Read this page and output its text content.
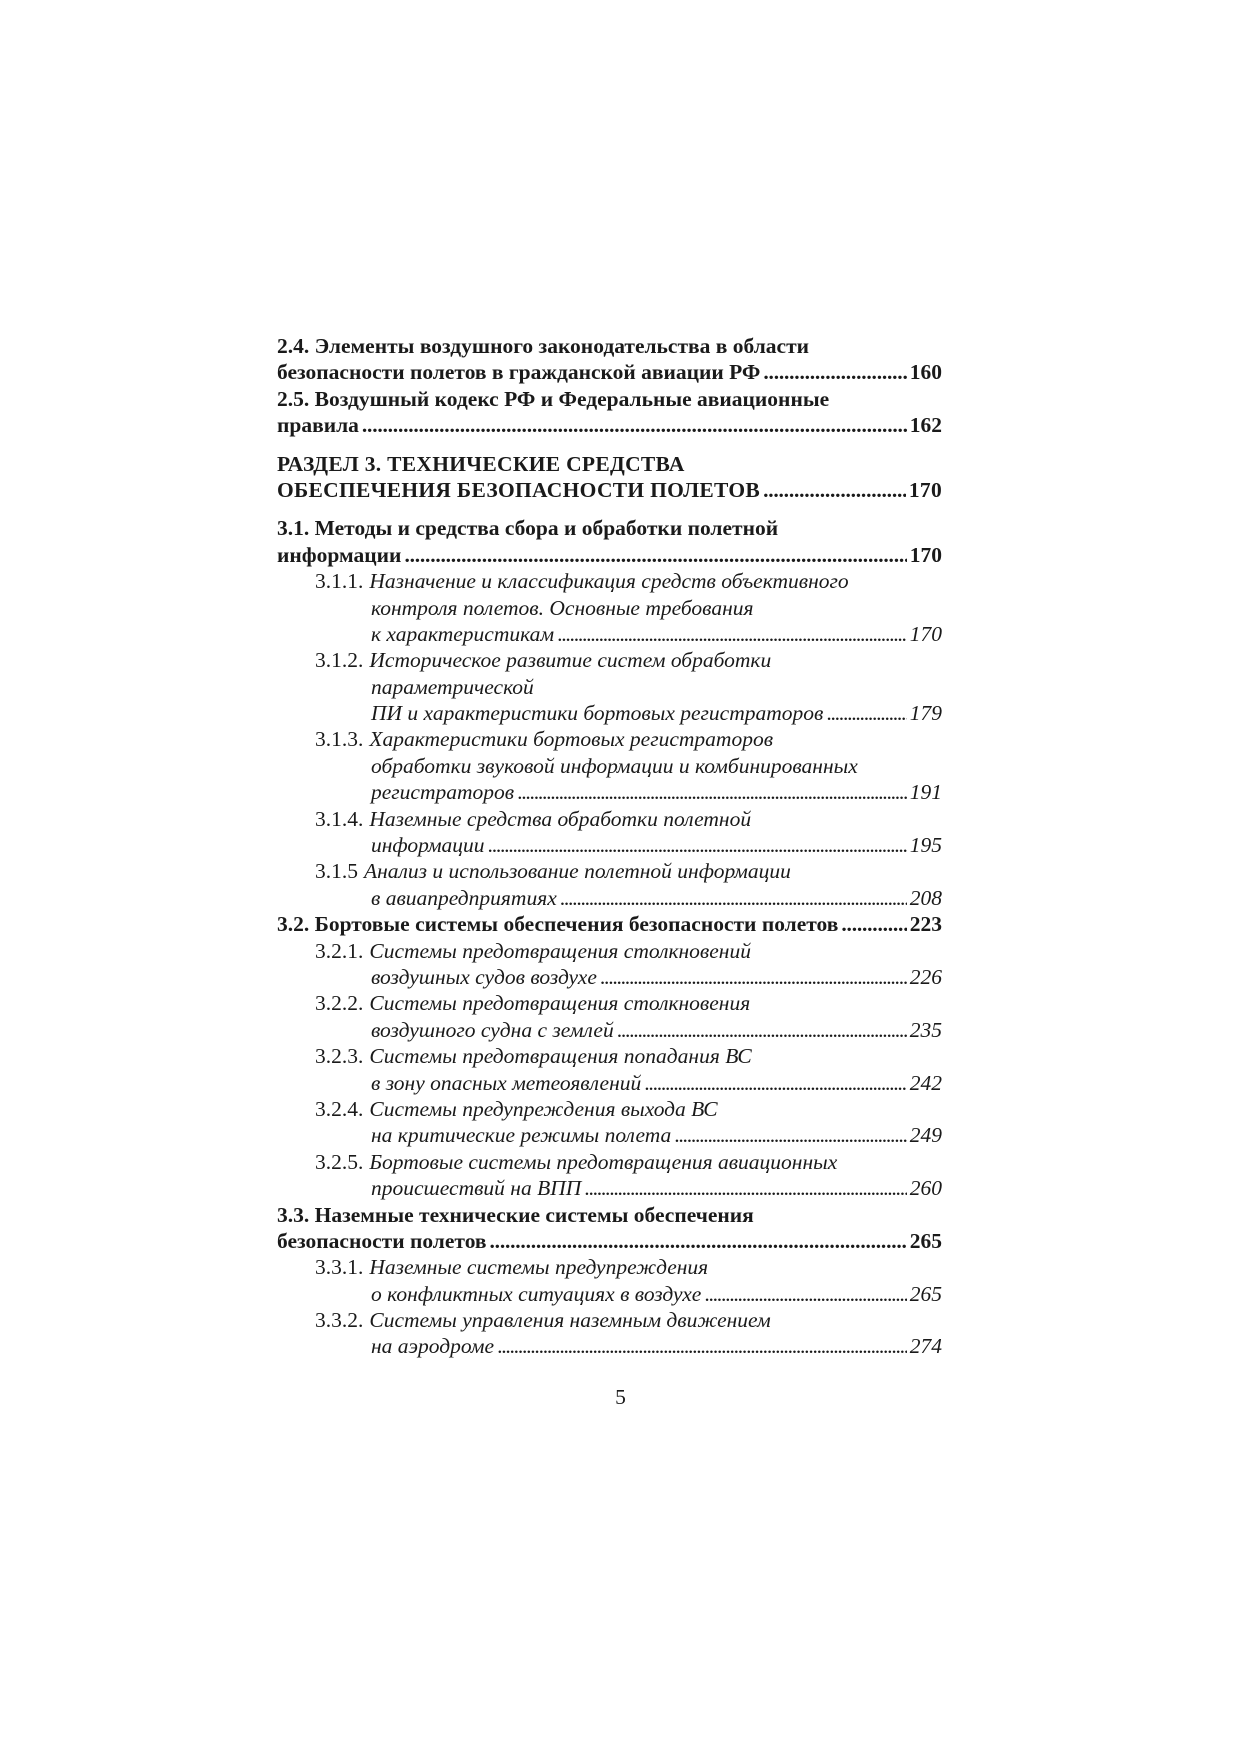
2.4. Элементы воздушного законодательства в области
безопасности полетов в гражданской авиации РФ . . .	160
2.5. Воздушный кодекс РФ и Федеральные авиационные
правила . . .	162
РАЗДЕЛ 3. ТЕХНИЧЕСКИЕ СРЕДСТВА
ОБЕСПЕЧЕНИЯ БЕЗОПАСНОСТИ ПОЛЕТОВ . . .	170
3.1. Методы и средства сбора и обработки полетной
информации . . .	170
3.1.1. Назначение и классификация средств объективного
контроля полетов. Основные требования
к характеристикам . . .	170
3.1.2. Историческое развитие систем обработки
параметрической
ПИ и характеристики бортовых регистраторов . . .	179
3.1.3. Характеристики бортовых регистраторов
обработки звуковой информации и комбинированных
регистраторов . . .	191
3.1.4. Наземные средства обработки полетной
информации . . .	195
3.1.5 Анализ и использование полетной информации
в авиапредприятиях . . .	208
3.2. Бортовые системы обеспечения безопасности полетов . . .	223
3.2.1. Системы предотвращения столкновений
воздушных судов воздухе . . .	226
3.2.2. Системы предотвращения столкновения
воздушного судна с землей . . .	235
3.2.3. Системы предотвращения попадания ВС
в зону опасных метеоявлений . . .	242
3.2.4. Системы предупреждения выхода ВС
на критические режимы полета . . .	249
3.2.5. Бортовые системы предотвращения авиационных
происшествий на ВПП . . .	260
3.3. Наземные технические системы обеспечения
безопасности полетов . . .	265
3.3.1. Наземные системы предупреждения
о конфликтных ситуациях в воздухе . . .	265
3.3.2. Системы управления наземным движением
на аэродроме . . .	274
5
